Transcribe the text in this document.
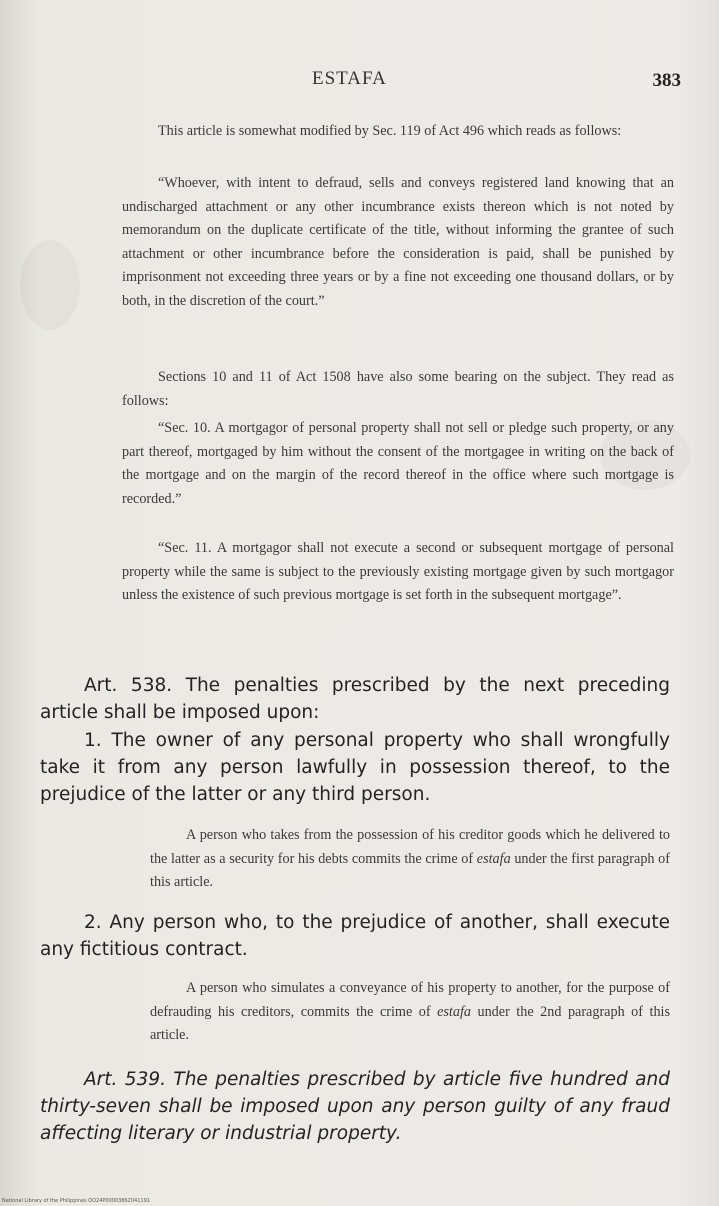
ESTAFA	383

This article is somewhat modified by Sec. 119 of Act 496 which reads as follows:

“Whoever, with intent to defraud, sells and conveys registered land knowing that an undischarged attachment or any other incumbrance exists thereon which is not noted by memorandum on the duplicate certificate of the title, without informing the grantee of such attachment or other incumbrance before the consideration is paid, shall be punished by imprisonment not exceeding three years or by a fine not exceeding one thousand dollars, or by both, in the discretion of the court.”

Sections 10 and 11 of Act 1508 have also some bearing on the subject. They read as follows:

“Sec. 10. A mortgagor of personal property shall not sell or pledge such property, or any part thereof, mortgaged by him without the consent of the mortgagee in writing on the back of the mortgage and on the margin of the record thereof in the office where such mortgage is recorded.”

“Sec. 11. A mortgagor shall not execute a second or subsequent mortgage of personal property while the same is subject to the previously existing mortgage given by such mortgagor unless the existence of such previous mortgage is set forth in the subsequent mortgage”.

Art. 538. The penalties prescribed by the next preceding article shall be imposed upon:

1. The owner of any personal property who shall wrongfully take it from any person lawfully in possession thereof, to the prejudice of the latter or any third person.

A person who takes from the possession of his creditor goods which he delivered to the latter as a security for his debts commits the crime of estafa under the first paragraph of this article.

2. Any person who, to the prejudice of another, shall execute any fictitious contract.

A person who simulates a conveyance of his property to another, for the purpose of defrauding his creditors, commits the crime of estafa under the 2nd paragraph of this article.

Art. 539. The penalties prescribed by article five hundred and thirty-seven shall be imposed upon any person guilty of any fraud affecting literary or industrial property.

National Library of the Philippines DO24P00003862041191
